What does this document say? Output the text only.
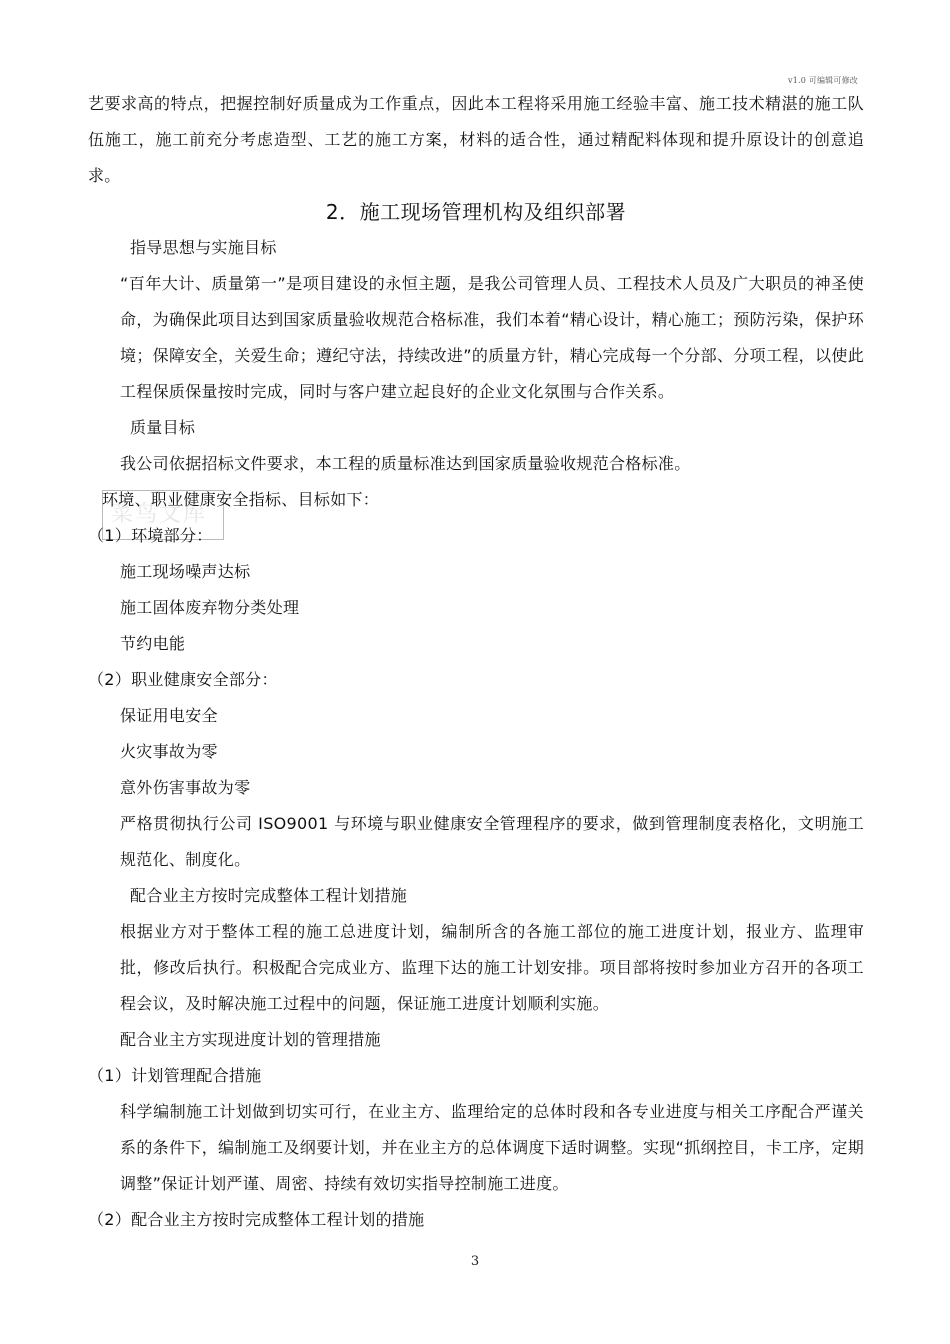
v1.0 可编辑可修改
菜鸟文库

艺要求高的特点，把握控制好质量成为工作重点，因此本工程将采用施工经验丰富、施工技术精湛的施工队伍施工，施工前充分考虑造型、工艺的施工方案，材料的适合性，通过精配料体现和提升原设计的创意追求。

2．施工现场管理机构及组织部署

指导思想与实施目标

“百年大计、质量第一”是项目建设的永恒主题，是我公司管理人员、工程技术人员及广大职员的神圣使命，为确保此项目达到国家质量验收规范合格标准，我们本着“精心设计，精心施工；预防污染，保护环境；保障安全，关爱生命；遵纪守法，持续改进”的质量方针，精心完成每一个分部、分项工程，以使此工程保质保量按时完成，同时与客户建立起良好的企业文化氛围与合作关系。

质量目标

我公司依据招标文件要求，本工程的质量标准达到国家质量验收规范合格标准。

环境、职业健康安全指标、目标如下：

（1）环境部分：

施工现场噪声达标

施工固体废弃物分类处理

节约电能

（2）职业健康安全部分：

保证用电安全

火灾事故为零

意外伤害事故为零

严格贯彻执行公司 ISO9001 与环境与职业健康安全管理程序的要求，做到管理制度表格化，文明施工规范化、制度化。

配合业主方按时完成整体工程计划措施

根据业方对于整体工程的施工总进度计划，编制所含的各施工部位的施工进度计划，报业方、监理审批，修改后执行。积极配合完成业方、监理下达的施工计划安排。项目部将按时参加业方召开的各项工程会议，及时解决施工过程中的问题，保证施工进度计划顺利实施。

配合业主方实现进度计划的管理措施

（1）计划管理配合措施

科学编制施工计划做到切实可行，在业主方、监理给定的总体时段和各专业进度与相关工序配合严谨关系的条件下，编制施工及纲要计划，并在业主方的总体调度下适时调整。实现“抓纲控目，卡工序，定期调整”保证计划严谨、周密、持续有效切实指导控制施工进度。

（2）配合业主方按时完成整体工程计划的措施

3
